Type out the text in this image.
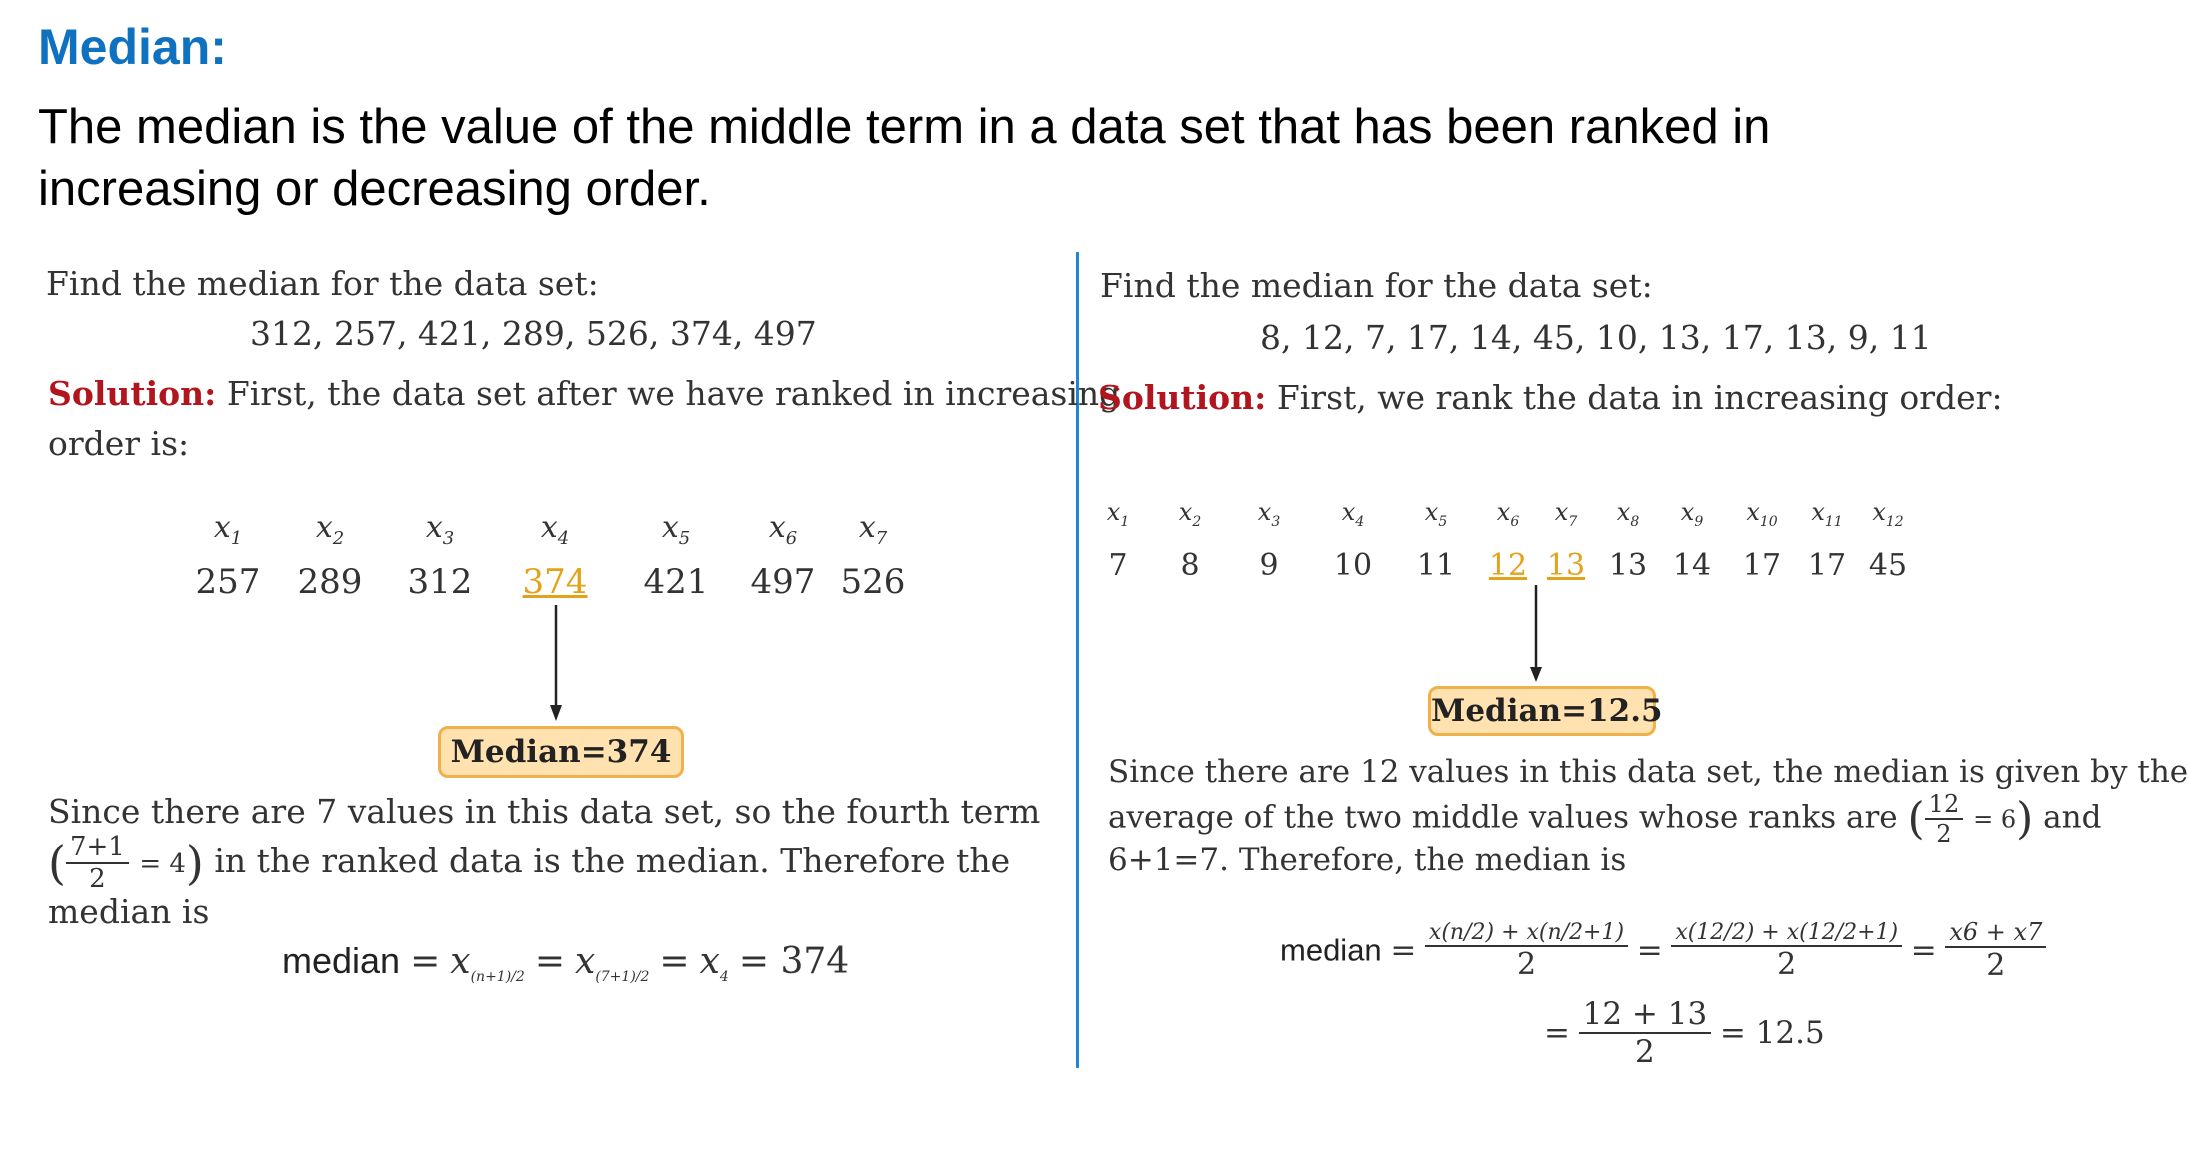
Median:
The median is the value of the middle term in a data set that has been ranked in increasing or decreasing order.
Find the median for the data set:
312, 257, 421, 289, 526, 374, 497
Solution: First, the data set after we have ranked in increasing
order is:
$x_1$
257
$x_2$
289
$x_3$
312
$x_4$
374
$x_5$
421
$x_6$
497
$x_7$
526
Median=374
Since there are 7 values in this data set, so the fourth term
( $\frac{7+1}{2} = 4$) in the ranked data is the median. Therefore the
median is
median = $x_{(n+1)/2} = x_{(7+1)/2} = x_4 = 374$
Find the median for the data set:
8, 12, 7, 17, 14, 45, 10, 13, 17, 13, 9, 11
Solution: First, we rank the data in increasing order:
$x_1$
7
$x_2$
8
$x_3$
9
$x_4$
10
$x_5$
11
$x_6$
12
$x_7$
13
$x_8$
13
$x_9$
14
$x_{10}$
17
$x_{11}$
17
$x_{12}$
45
Median=12.5
Since there are 12 values in this data set, the median is given by the
average of the two middle values whose ranks are ( $\frac{12}{2} = 6$) and
6+1=7. Therefore, the median is
median = $\frac{x(n/2) + x(n/2+1)}{2} = \frac{x(12/2) + x(12/2+1)}{2} = \frac{x6 + x7}{2}$
= $\frac{12 + 13}{2} = 12.5$
